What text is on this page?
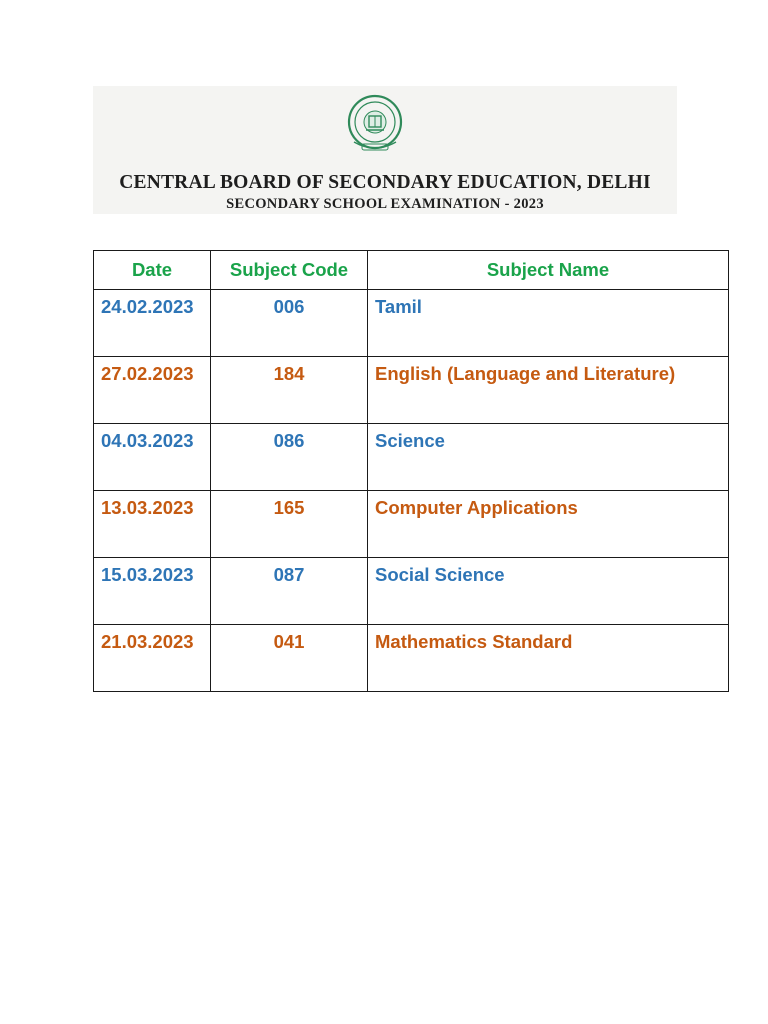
CENTRAL BOARD OF SECONDARY EDUCATION, DELHI
SECONDARY SCHOOL EXAMINATION - 2023
Date	Subject Code	Subject Name
24.02.2023	006	Tamil
27.02.2023	184	English (Language and Literature)
04.03.2023	086	Science
13.03.2023	165	Computer Applications
15.03.2023	087	Social Science
21.03.2023	041	Mathematics Standard
